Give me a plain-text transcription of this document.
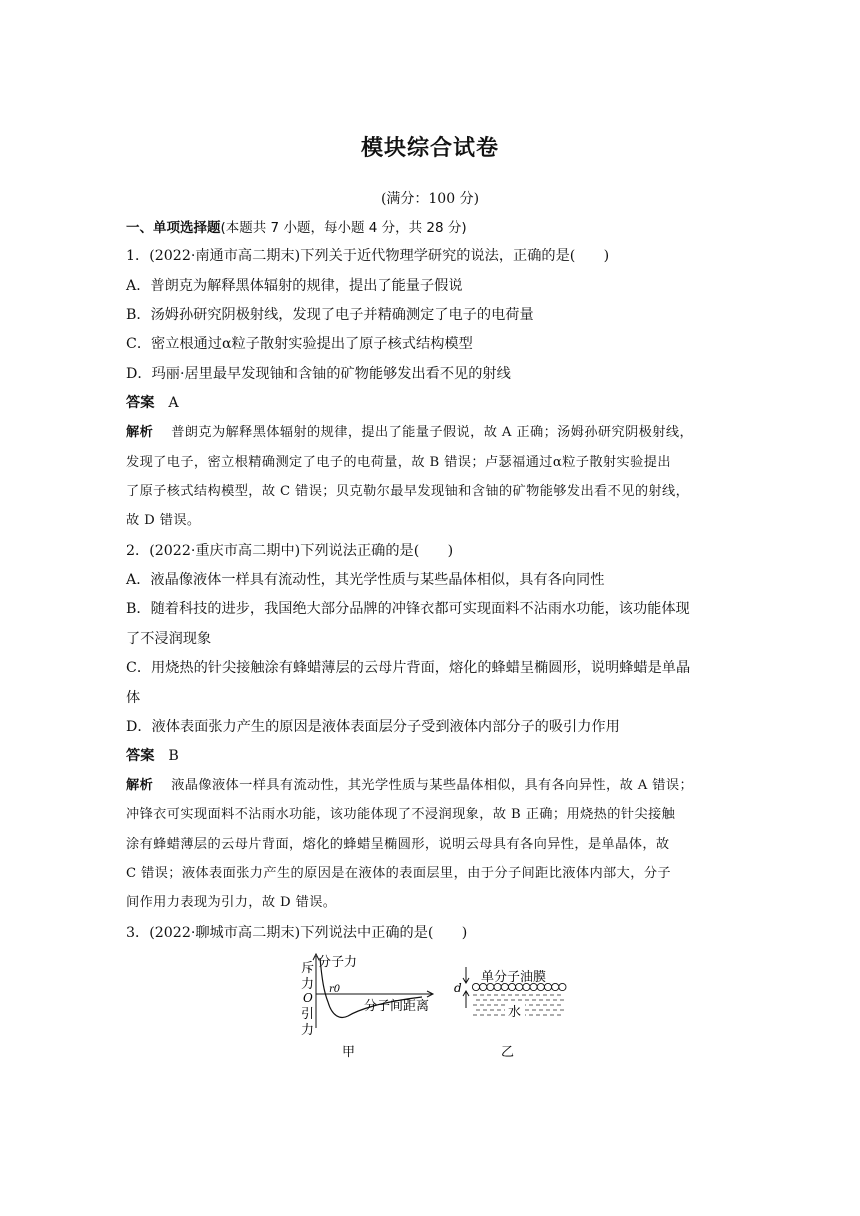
模块综合试卷
(满分：100 分)
一、单项选择题(本题共 7 小题，每小题 4 分，共 28 分)
1．(2022·南通市高二期末)下列关于近代物理学研究的说法，正确的是(　　)
A．普朗克为解释黑体辐射的规律，提出了能量子假说
B．汤姆孙研究阴极射线，发现了电子并精确测定了电子的电荷量
C．密立根通过α粒子散射实验提出了原子核式结构模型
D．玛丽·居里最早发现铀和含铀的矿物能够发出看不见的射线
答案 A
解析 普朗克为解释黑体辐射的规律，提出了能量子假说，故 A 正确；汤姆孙研究阴极射线，
发现了电子，密立根精确测定了电子的电荷量，故 B 错误；卢瑟福通过α粒子散射实验提出
了原子核式结构模型，故 C 错误；贝克勒尔最早发现铀和含铀的矿物能够发出看不见的射线，
故 D 错误。
2．(2022·重庆市高二期中)下列说法正确的是(　　)
A．液晶像液体一样具有流动性，其光学性质与某些晶体相似，具有各向同性
B．随着科技的进步，我国绝大部分品牌的冲锋衣都可实现面料不沾雨水功能，该功能体现
了不浸润现象
C．用烧热的针尖接触涂有蜂蜡薄层的云母片背面，熔化的蜂蜡呈椭圆形，说明蜂蜡是单晶
体
D．液体表面张力产生的原因是液体表面层分子受到液体内部分子的吸引力作用
答案 B
解析 液晶像液体一样具有流动性，其光学性质与某些晶体相似，具有各向异性，故 A 错误；
冲锋衣可实现面料不沾雨水功能，该功能体现了不浸润现象，故 B 正确；用烧热的针尖接触
涂有蜂蜡薄层的云母片背面，熔化的蜂蜡呈椭圆形，说明云母具有各向异性，是单晶体，故
C 错误；液体表面张力产生的原因是在液体的表面层里，由于分子间距比液体内部大，分子
间作用力表现为引力，故 D 错误。
3．(2022·聊城市高二期末)下列说法中正确的是(　　)
分子力
斥
力
O
引
力
r0
分子间距离
甲
d
单分子油膜
水
乙
